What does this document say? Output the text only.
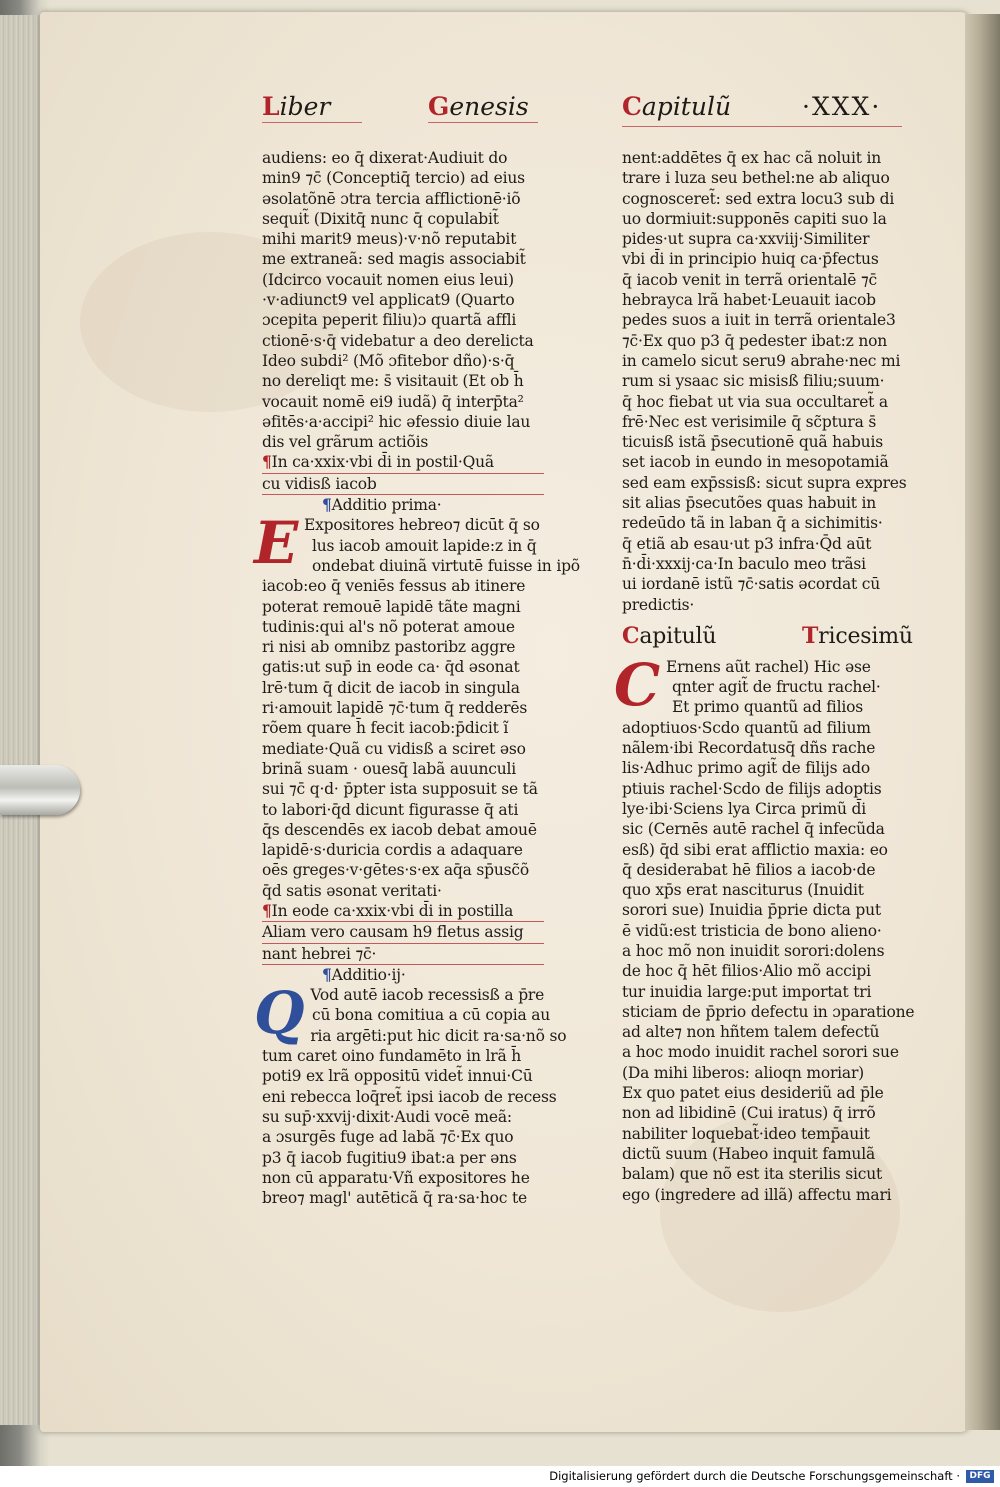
Liber	Genesis	Capitulũ	·XXX·
audiens: eo q̄ dixerat·Audiuit do
min9 ⁊c̄ (Conceptiq̄ tercio) ad eius
əsolatõnē ɔtra tercia afflictionē·iõ
sequit̃ (Dixitq̄ nunc q̄ copulabit̃
mihi marit9 meus)·v·nõ reputabit
me extraneã: sed magis associabit̃
(Idcirco vocauit nomen eius leui)
·v·adiunct9 vel applicat9 (Quarto
ɔcepita peperit filiu)ɔ quartã affli
ctionē·s·q̄ videbatur a deo derelicta
Ideo subdi² (Mõ ɔfitebor dño)·s·q̄
no dereliqt me: s̄ visitauit (Et ob h̄
vocauit nomē ei9 iudã) q̄ interp̄ta²
əfitēs·a·accipi² hic əfessio diuie lau
dis vel grãrum actiõis
¶In ca·xxix·vbi d̄i in postil·Quã
cu vidisß iacob
¶Additio prima·
E Expositores hebreo⁊ dicūt q̄ so
lus iacob amouit lapide:z in q̄
ondebat diuinã virtutē fuisse in ipõ
iacob:eo q̄ veniēs fessus ab itinere
poterat remouē lapidē tãte magni
tudinis:qui al's nõ poterat amoue
ri nisi ab omnibz pastoribz aggre
gatis:ut sup̄ in eode ca· q̄d əsonat
lrē·tum q̄ dicit de iacob in singula
ri·amouit lapidē ⁊c̄·tum q̄ redderēs
rõem quare h̄ fecit iacob:p̄dicit ĩ
mediate·Quã cu vidisß a sciret əso
brinã suam · ouesq̄ labã auunculi
sui ⁊c̄ q·d· p̄pter ista supposuit se tã
to labori·q̄d dicunt figurasse q̄ ati
q̄s descendēs ex iacob debat amouē
lapidē·s·duricia cordis a adaquare
oēs greges·v·gētes·s·ex aq̄a sp̄usc̃õ
q̄d satis əsonat veritati·
¶In eode ca·xxix·vbi d̄i in postilla
Aliam vero causam h9 fletus assig
nant hebrei ⁊c̄·
¶Additio·ij·
Q Vod autē iacob recessisß a p̄re
cū bona comitiua a cū copia au
ria argēti:put hic dicit ra·sa·nõ so
tum caret oino fundamēto in lrã h̄
poti9 ex lrã oppositū videt̃ innui·Cū
eni rebecca loq̄ret̃ ipsi iacob de recess
su sup̄·xxvij·dixit·Audi vocē meã:
a ɔsurgēs fuge ad labã ⁊c̄·Ex quo
p3 q̄ iacob fugitiu9 ibat:a per əns
non cū apparatu·Vñ expositores he
breo⁊ magl' autēticã q̄ ra·sa·hoc te
nent:addētes q̄ ex hac cã noluit in
trare i luza seu bethel:ne ab aliquo
cognosceret̃: sed extra locu3 sub di
uo dormiuit:supponēs capiti suo la
pides·ut supra ca·xxviij·Similiter
vbi d̄i in principio huiq ca·p̄fectus
q̄ iacob venit in terrã orientalē ⁊c̄
hebrayca lrã habet·Leuauit iacob
pedes suos a iuit in terrã orientale3
⁊c̄·Ex quo p3 q̄ pedester ibat:z non
in camelo sicut seru9 abrahe·nec mi
rum si ysaac sic misisß filiu;suum·
q̄ hoc fiebat ut via sua occultaret̃ a
frē·Nec est verisimile q̄ sc̃ptura s̄
ticuisß istã p̄secutionē quã habuis
set iacob in eundo in mesopotamiã
sed eam exp̄ssisß: sicut supra expres
sit alias p̄secutões quas habuit in
redeūdo tã in laban q̄ a sichimitis·
q̄ etiã ab esau·ut p3 infra·Q̄d aūt
n̄·d̄i·xxxij·ca·In baculo meo trãsi
ui iordanē istũ ⁊c̄·satis əcordat cū
predictis·
Capitulũ	Tricesimũ
C Ernens aũt rachel) Hic əse
qnter agit̃ de fructu rachel·
Et primo quantũ ad filios
adoptiuos·Scdo quantũ ad filium
nãlem·ibi Recordatusq̄ dñs rache
lis·Adhuc primo agit̃ de filijs ado
ptiuis rachel·Scdo de filijs adoptis
lye·ibi·Sciens lya Circa primũ d̄i
sic (Cernēs autē rachel q̄ infecũda
esß) q̄d sibi erat afflictio maxia: eo
q̄ desiderabat hē filios a iacob·de
quo xp̄s erat nasciturus (Inuidit
sorori sue) Inuidia p̄prie dicta put
ē vidũ:est tristicia de bono alieno·
a hoc mõ non inuidit sorori:dolens
de hoc q̄ hēt filios·Alio mõ accipi
tur inuidia large:put importat tri
sticiam de p̄prio defectu in ɔparatione
ad alte⁊ non hñtem talem defectũ
a hoc modo inuidit rachel sorori sue
(Da mihi liberos: alioqn moriar)
Ex quo patet eius desideriũ ad p̄le
non ad libidinē (Cui iratus) q̄ irrõ
nabiliter loquebat̃·ideo temp̄auit
dictũ suum (Habeo inquit famulã
balam) que nõ est ita sterilis sicut
ego (ingredere ad illã) affectu mari
Digitalisierung gefördert durch die Deutsche Forschungsgemeinschaft ·	DFG
